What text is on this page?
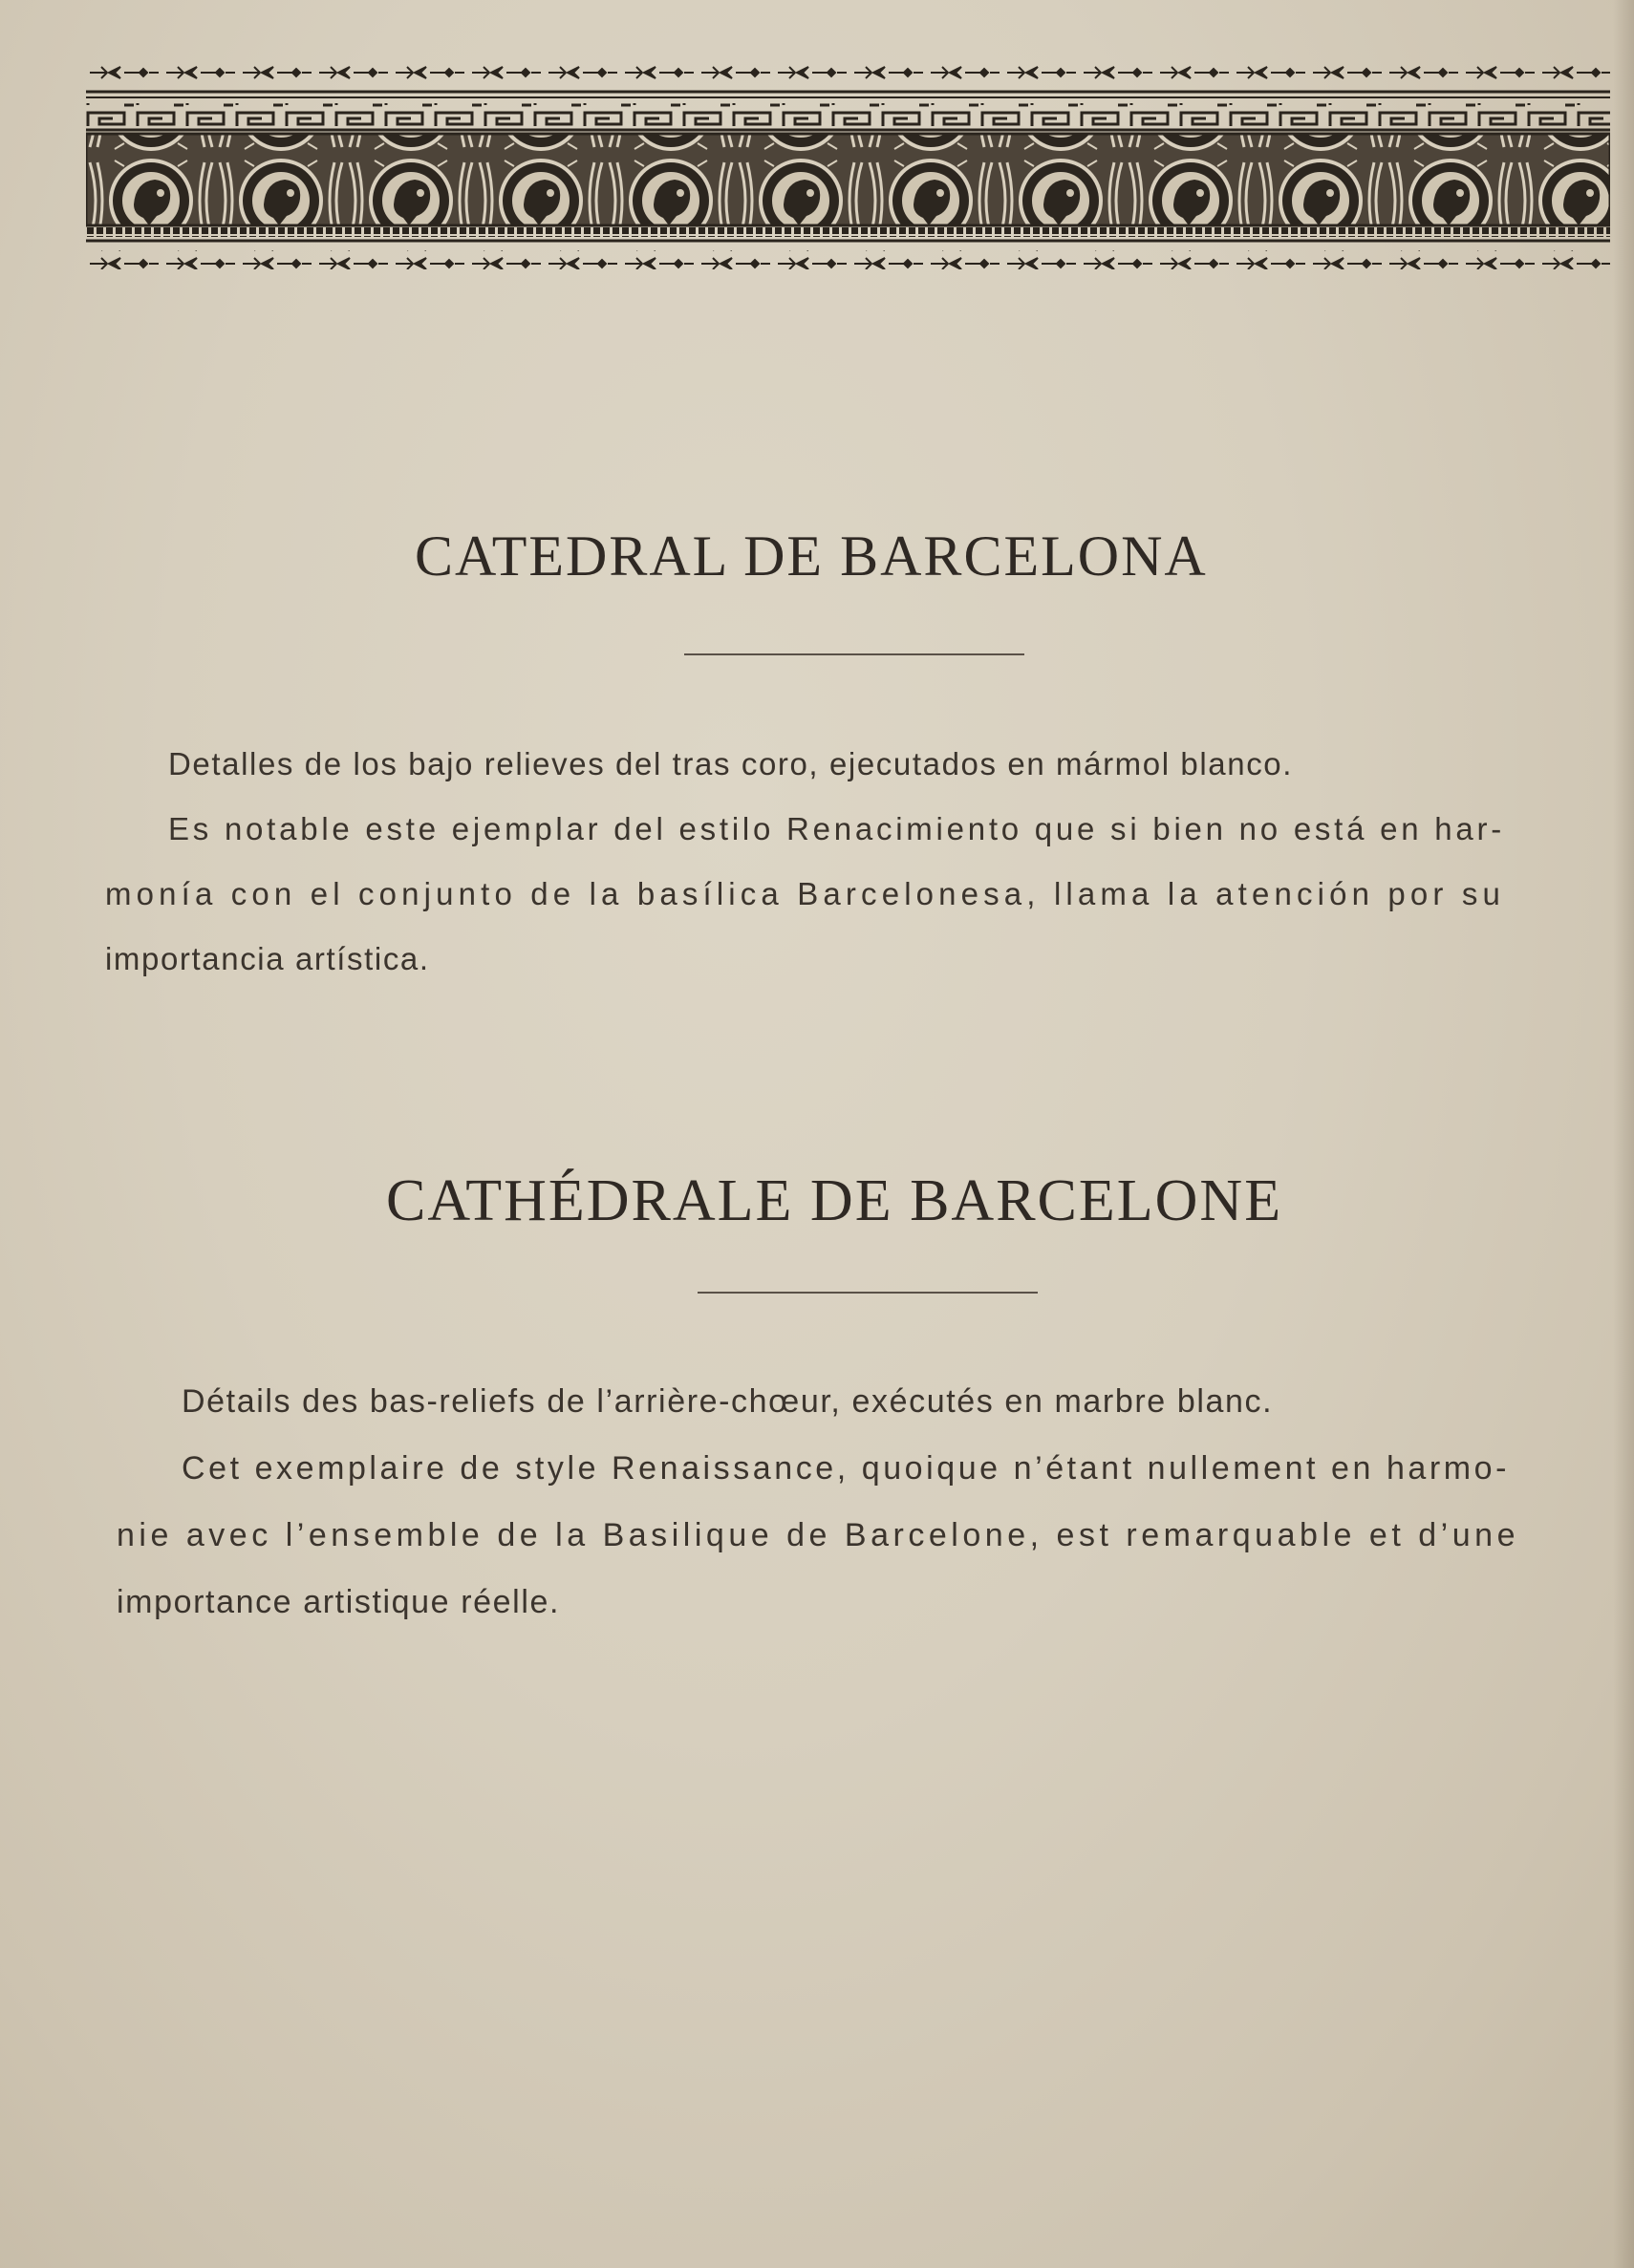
CATEDRAL DE BARCELONA

Detalles de los bajo relieves del tras coro, ejecutados en mármol blanco.

Es notable este ejemplar del estilo Renacimiento que si bien no está en har-

monía con el conjunto de la basílica Barcelonesa, llama la atención por su

importancia artística.

CATHÉDRALE DE BARCELONE

Détails des bas-reliefs de l’arrière-chœur, exécutés en marbre blanc.

Cet exemplaire de style Renaissance, quoique n’étant nullement en harmo-

nie avec l’ensemble de la Basilique de Barcelone, est remarquable et d’une

importance artistique réelle.
